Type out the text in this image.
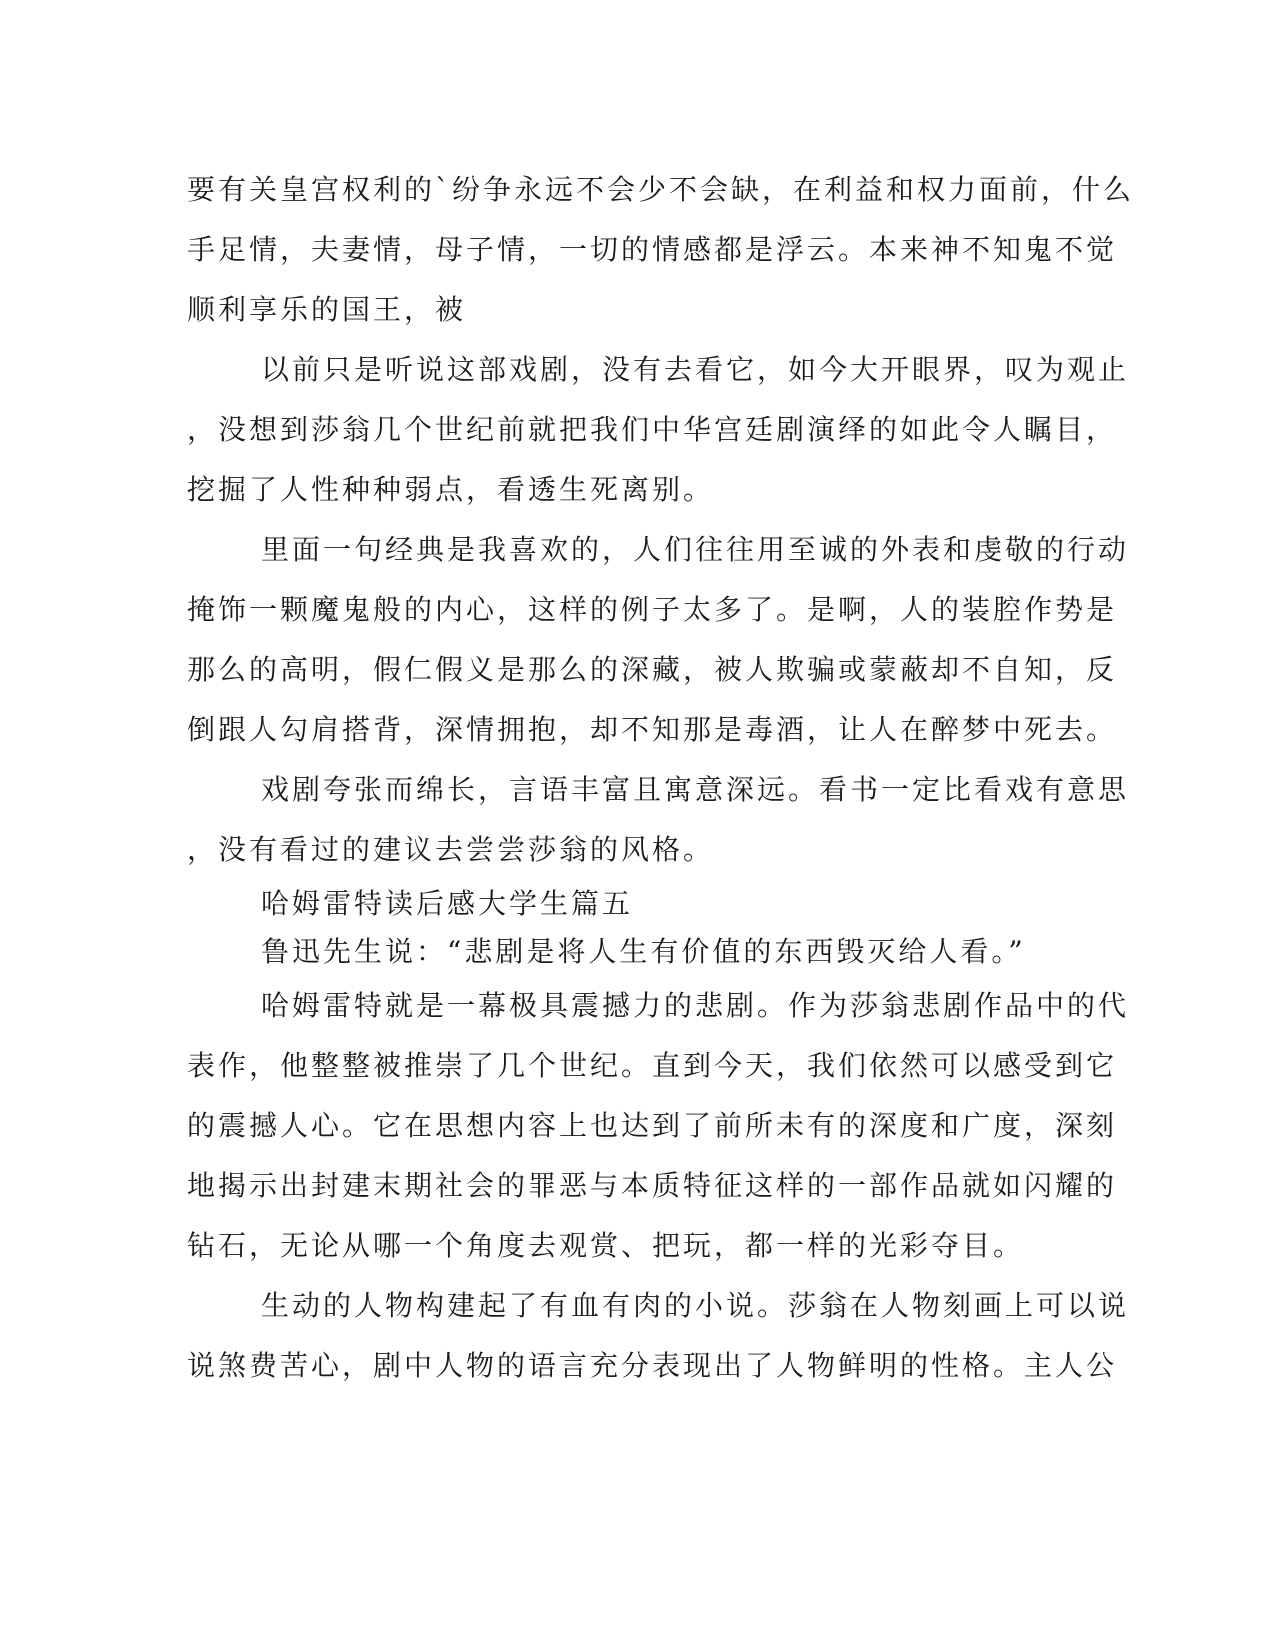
要有关皇宫权利的`纷争永远不会少不会缺，在利益和权力面前，什么
手足情，夫妻情，母子情，一切的情感都是浮云。本来神不知鬼不觉
顺利享乐的国王，被
以前只是听说这部戏剧，没有去看它，如今大开眼界，叹为观止
，没想到莎翁几个世纪前就把我们中华宫廷剧演绎的如此令人瞩目，
挖掘了人性种种弱点，看透生死离别。
里面一句经典是我喜欢的，人们往往用至诚的外表和虔敬的行动
掩饰一颗魔鬼般的内心，这样的例子太多了。是啊，人的装腔作势是
那么的高明，假仁假义是那么的深藏，被人欺骗或蒙蔽却不自知，反
倒跟人勾肩搭背，深情拥抱，却不知那是毒酒，让人在醉梦中死去。
戏剧夸张而绵长，言语丰富且寓意深远。看书一定比看戏有意思
，没有看过的建议去尝尝莎翁的风格。
哈姆雷特读后感大学生篇五
鲁迅先生说：“悲剧是将人生有价值的东西毁灭给人看。”
哈姆雷特就是一幕极具震撼力的悲剧。作为莎翁悲剧作品中的代
表作，他整整被推崇了几个世纪。直到今天，我们依然可以感受到它
的震撼人心。它在思想内容上也达到了前所未有的深度和广度，深刻
地揭示出封建末期社会的罪恶与本质特征这样的一部作品就如闪耀的
钻石，无论从哪一个角度去观赏、把玩，都一样的光彩夺目。
生动的人物构建起了有血有肉的小说。莎翁在人物刻画上可以说
说煞费苦心，剧中人物的语言充分表现出了人物鲜明的性格。主人公
